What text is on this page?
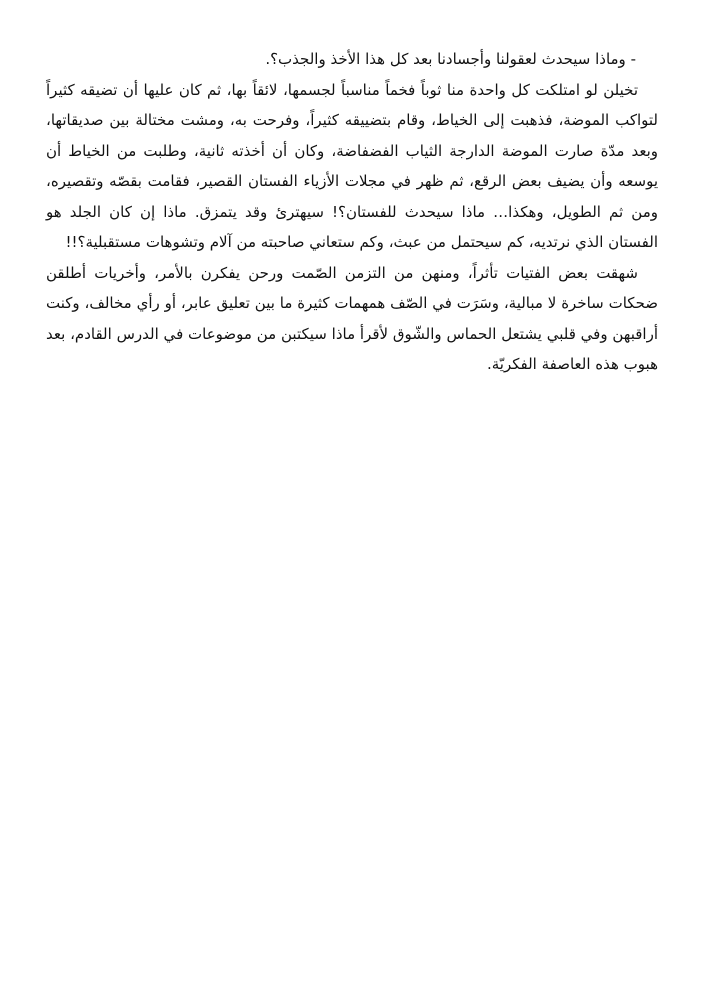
- وماذا سيحدث لعقولنا وأجسادنا بعد كل هذا الأخذ والجذب؟.

تخيلن لو امتلكت كل واحدة منا ثوباً فخماً مناسباً لجسمها، لائقاً بها، ثم كان عليها أن تضيقه كثيراً لتواكب الموضة، فذهبت إلى الخياط، وقام بتضييقه كثيراً، وفرحت به، ومشت مختالة بين صديقاتها، وبعد مدّة صارت الموضة الدارجة الثياب الفضفاضة، وكان أن أخذته ثانية، وطلبت من الخياط أن يوسعه وأن يضيف بعض الرقع، ثم ظهر في مجلات الأزياء الفستان القصير، فقامت بقصّه وتقصيره، ومن ثم الطويل، وهكذا… ماذا سيحدث للفستان؟! سيهترئ وقد يتمزق. ماذا إن كان الجلد هو الفستان الذي نرتديه، كم سيحتمل من عبث، وكم ستعاني صاحبته من آلام وتشوهات مستقبلية؟!!

شهقت بعض الفتيات تأثراً، ومنهن من التزمن الصّمت ورحن يفكرن بالأمر، وأخريات أطلقن ضحكات ساخرة لا مبالية، وسَرَت في الصّف همهمات كثيرة ما بين تعليق عابر، أو رأي مخالف، وكنت أراقبهن وفي قلبي يشتعل الحماس والشّوق لأقرأ ماذا سيكتبن من موضوعات في الدرس القادم، بعد هبوب هذه العاصفة الفكريّة.
